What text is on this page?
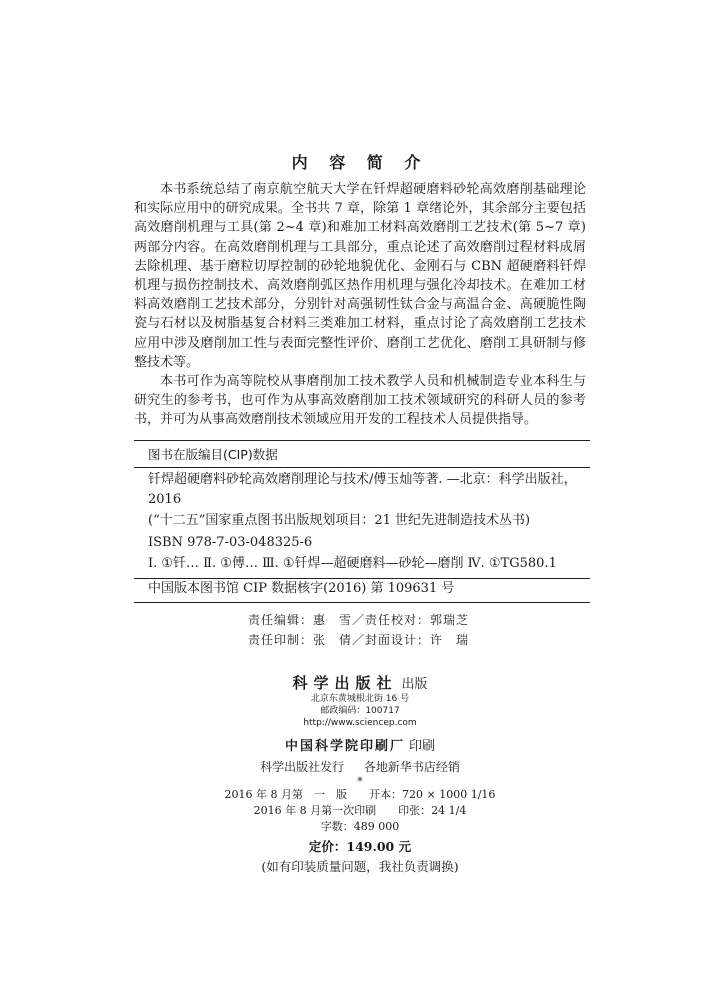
内 容 简 介

本书系统总结了南京航空航天大学在钎焊超硬磨料砂轮高效磨削基础理论和实际应用中的研究成果。全书共 7 章，除第 1 章绪论外，其余部分主要包括高效磨削机理与工具(第 2~4 章)和难加工材料高效磨削工艺技术(第 5~7 章)两部分内容。在高效磨削机理与工具部分，重点论述了高效磨削过程材料成屑去除机理、基于磨粒切厚控制的砂轮地貌优化、金刚石与 CBN 超硬磨料钎焊机理与损伤控制技术、高效磨削弧区热作用机理与强化冷却技术。在难加工材料高效磨削工艺技术部分，分别针对高强韧性钛合金与高温合金、高硬脆性陶瓷与石材以及树脂基复合材料三类难加工材料，重点讨论了高效磨削工艺技术应用中涉及磨削加工性与表面完整性评价、磨削工艺优化、磨削工具研制与修整技术等。

本书可作为高等院校从事磨削加工技术教学人员和机械制造专业本科生与研究生的参考书，也可作为从事高效磨削加工技术领域研究的科研人员的参考书，并可为从事高效磨削技术领域应用开发的工程技术人员提供指导。

图书在版编目(CIP)数据
钎焊超硬磨料砂轮高效磨削理论与技术/傅玉灿等著. —北京：科学出版社，2016
(“十二五”国家重点图书出版规划项目：21 世纪先进制造技术丛书)
ISBN 978-7-03-048325-6
Ⅰ. ①钎… Ⅱ. ①傅… Ⅲ. ①钎焊—超硬磨料—砂轮—磨削 Ⅳ. ①TG580.1
中国版本图书馆 CIP 数据核字(2016) 第 109631 号
责任编辑：惠　雪／责任校对：郭瑞芝
责任印制：张　倩／封面设计：许　瑞
科学出版社 出版
北京东黄城根北街 16 号
邮政编码：100717
http://www.sciencep.com
中国科学院印刷厂 印刷
科学出版社发行 各地新华书店经销
*
2016 年 8 月第　一　版　　开本：720 × 1000 1/16
2016 年 8 月第一次印刷　　印张：24 1/4
字数：489 000
定价：149.00 元
(如有印装质量问题，我社负责调换)
